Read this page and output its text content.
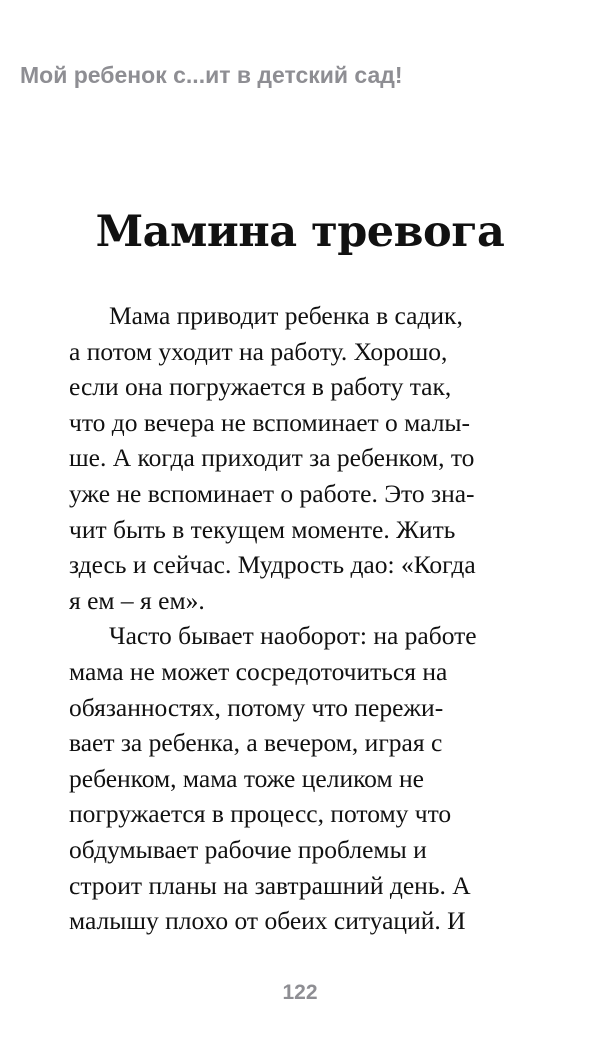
Мой ребенок с...ит в детский сад!
Мамина тревога
Мама приводит ребенка в садик,
а потом уходит на работу. Хорошо,
если она погружается в работу так,
что до вечера не вспоминает о малы-
ше. А когда приходит за ребенком, то
уже не вспоминает о работе. Это зна-
чит быть в текущем моменте. Жить
здесь и сейчас. Мудрость дао: «Когда
я ем – я ем».
Часто бывает наоборот: на работе
мама не может сосредоточиться на
обязанностях, потому что пережи-
вает за ребенка, а вечером, играя с
ребенком, мама тоже целиком не
погружается в процесс, потому что
обдумывает рабочие проблемы и
строит планы на завтрашний день. А
малышу плохо от обеих ситуаций. И
122
